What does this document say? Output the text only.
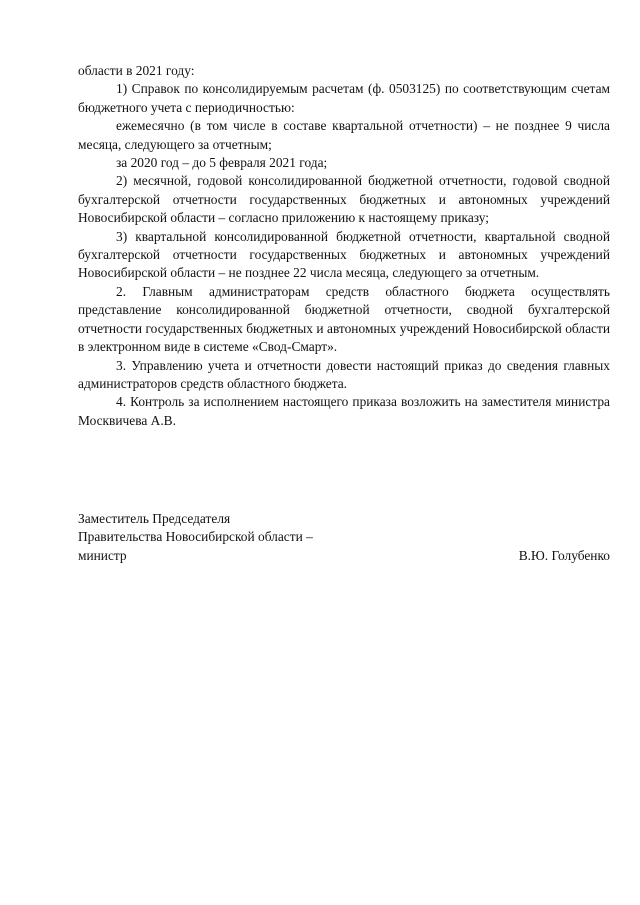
области в 2021 году:

1) Справок по консолидируемым расчетам (ф. 0503125) по соответствующим счетам бюджетного учета с периодичностью:

ежемесячно (в том числе в составе квартальной отчетности) – не позднее 9 числа месяца, следующего за отчетным;

за 2020 год – до 5 февраля 2021 года;

2) месячной, годовой консолидированной бюджетной отчетности, годовой сводной бухгалтерской отчетности государственных бюджетных и автономных учреждений Новосибирской области – согласно приложению к настоящему приказу;

3) квартальной консолидированной бюджетной отчетности, квартальной сводной бухгалтерской отчетности государственных бюджетных и автономных учреждений Новосибирской области – не позднее 22 числа месяца, следующего за отчетным.

2. Главным администраторам средств областного бюджета осуществлять представление консолидированной бюджетной отчетности, сводной бухгалтерской отчетности государственных бюджетных и автономных учреждений Новосибирской области в электронном виде в системе «Свод-Смарт».

3. Управлению учета и отчетности довести настоящий приказ до сведения главных администраторов средств областного бюджета.

4. Контроль за исполнением настоящего приказа возложить на заместителя министра Москвичева А.В.

Заместитель Председателя

Правительства Новосибирской области –

министр	В.Ю. Голубенко
